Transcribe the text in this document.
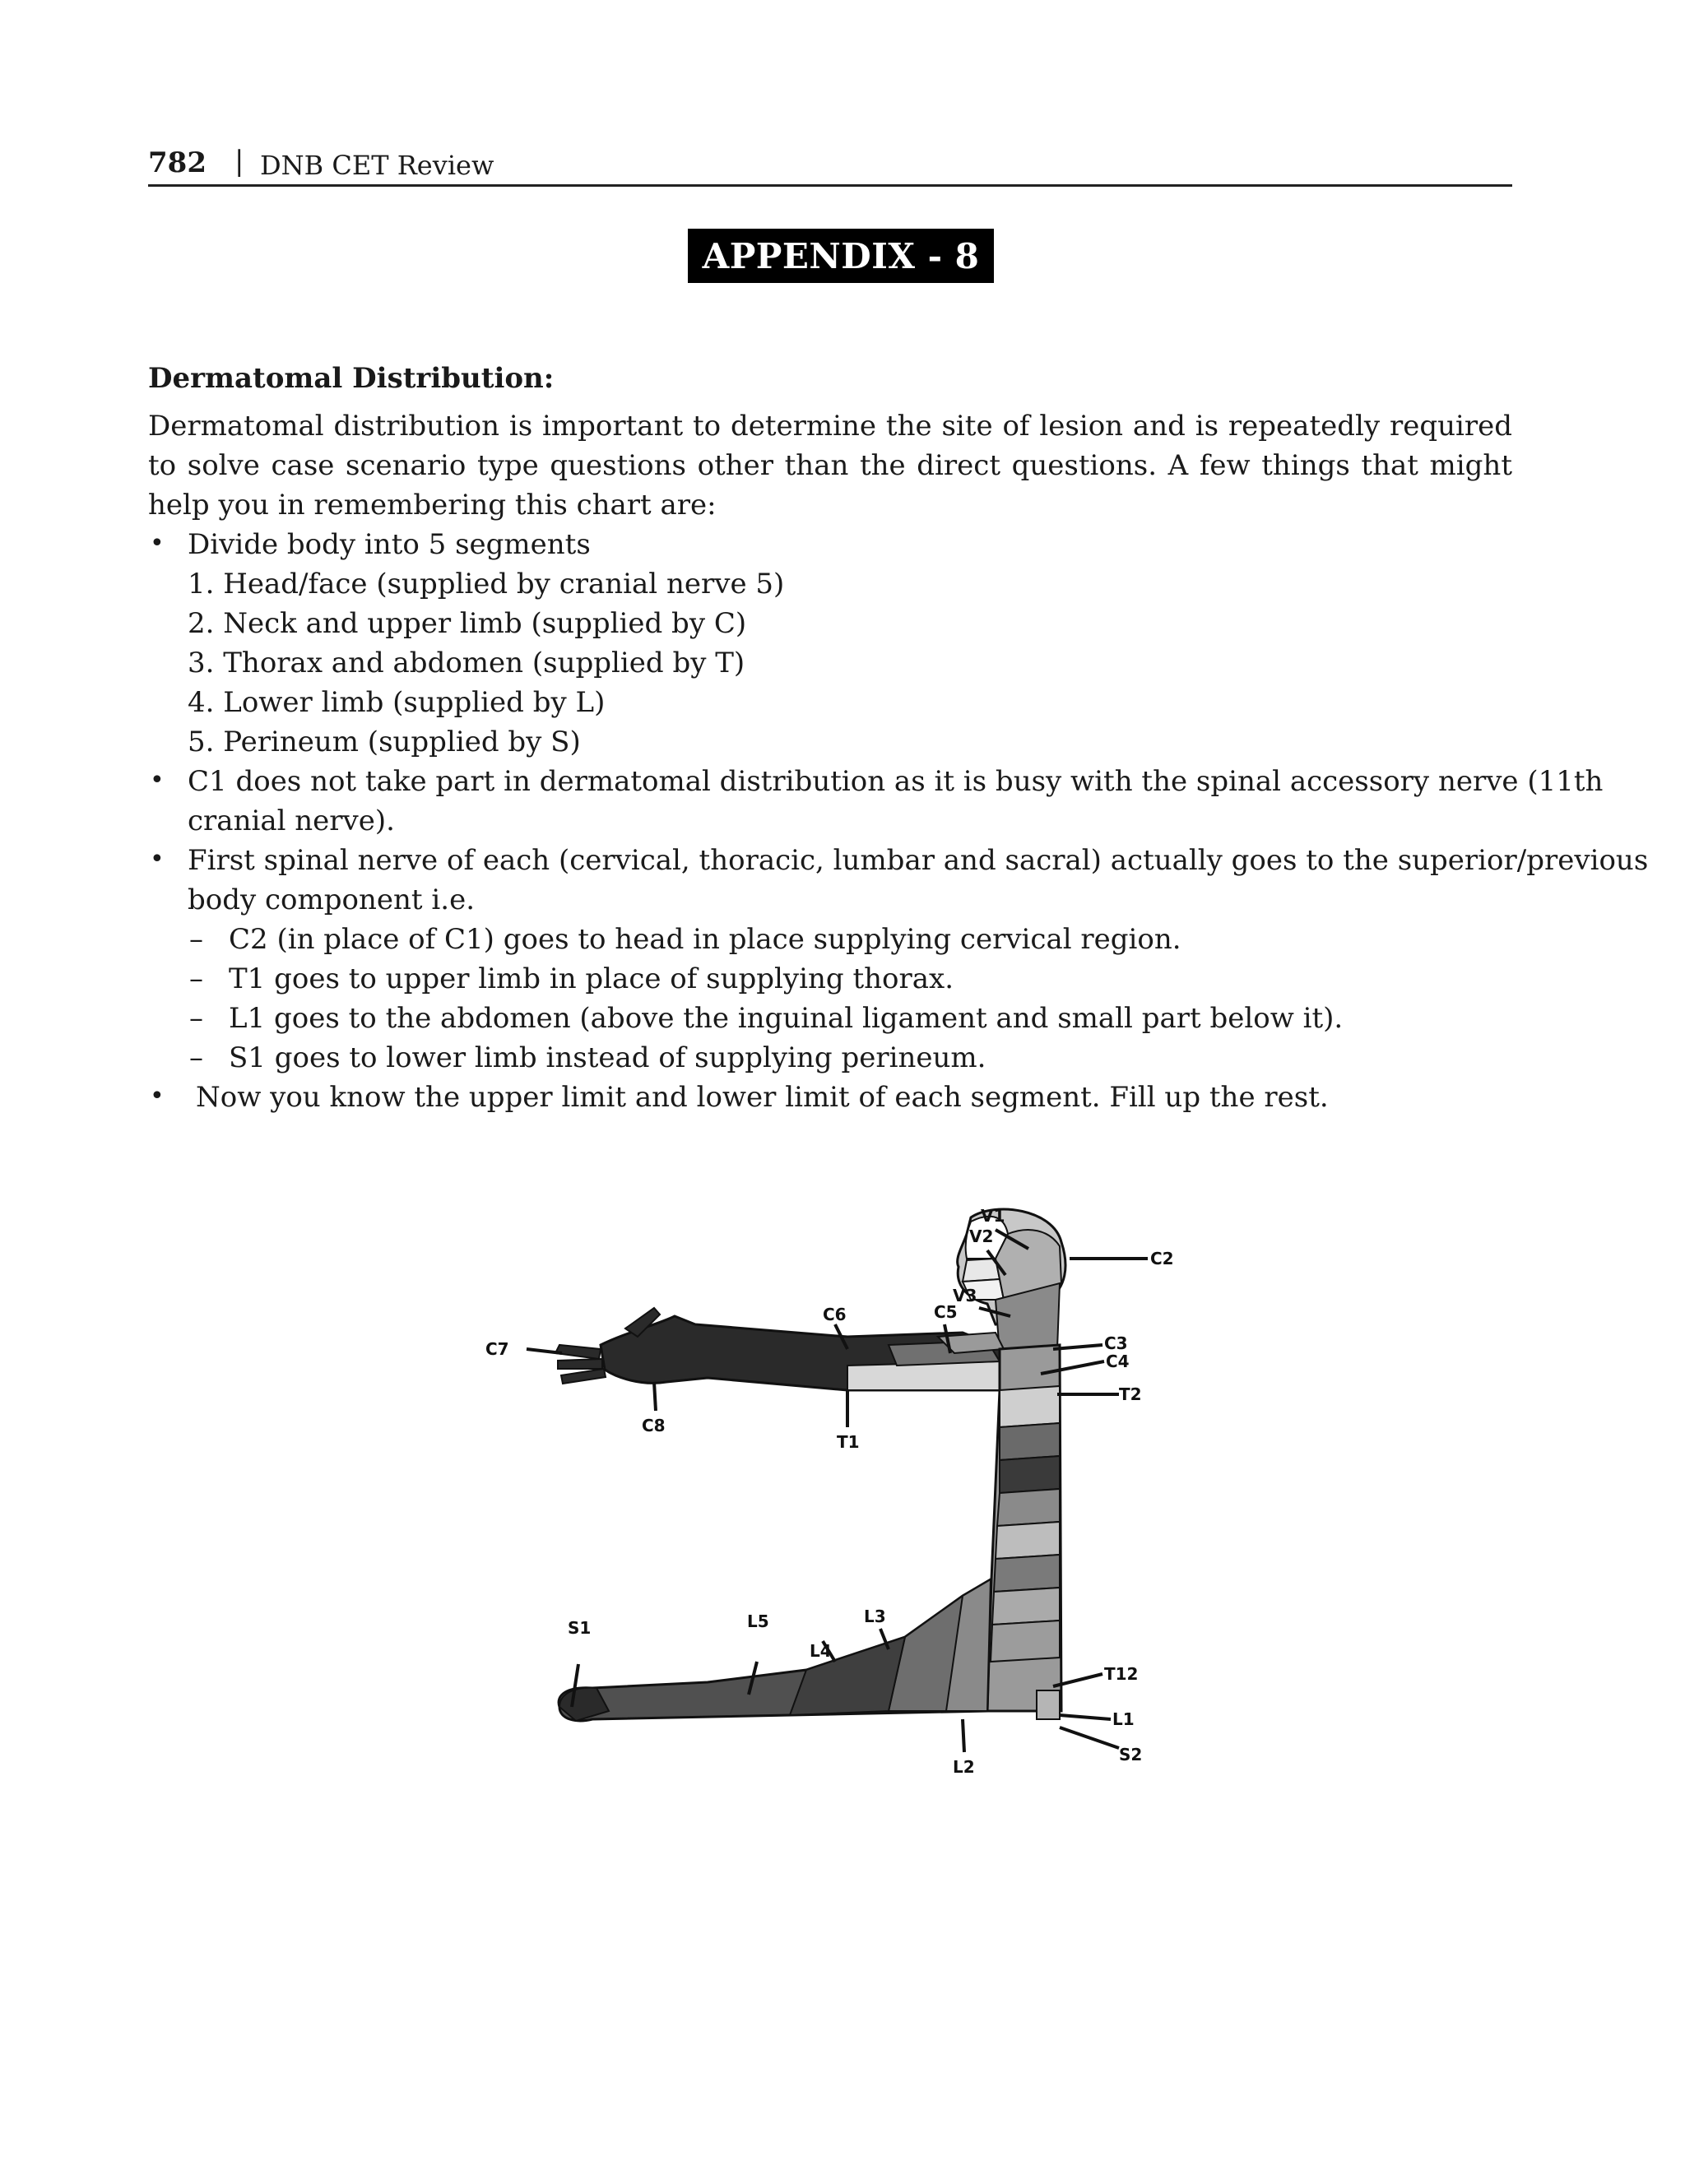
782 | DNB CET Review
APPENDIX - 8
Dermatomal Distribution:
Dermatomal distribution is important to determine the site of lesion and is repeatedly required to solve case scenario type questions other than the direct questions. A few things that might help you in remembering this chart are:
• Divide body into 5 segments
1. Head/face (supplied by cranial nerve 5)
2. Neck and upper limb (supplied by C)
3. Thorax and abdomen (supplied by T)
4. Lower limb (supplied by L)
5. Perineum (supplied by S)
• C1 does not take part in dermatomal distribution as it is busy with the spinal accessory nerve (11th
cranial nerve).
• First spinal nerve of each (cervical, thoracic, lumbar and sacral) actually goes to the superior/previous
body component i.e.
– C2 (in place of C1) goes to head in place supplying cervical region.
– T1 goes to upper limb in place of supplying thorax.
– L1 goes to the abdomen (above the inguinal ligament and small part below it).
– S1 goes to lower limb instead of supplying perineum.
• Now you know the upper limit and lower limit of each segment. Fill up the rest.
V1
V2
V3
C2
C3
C4
C5
C6
C7
C8
T1
T2
T12
L1
L2
L3
L4
L5
S1
S2
